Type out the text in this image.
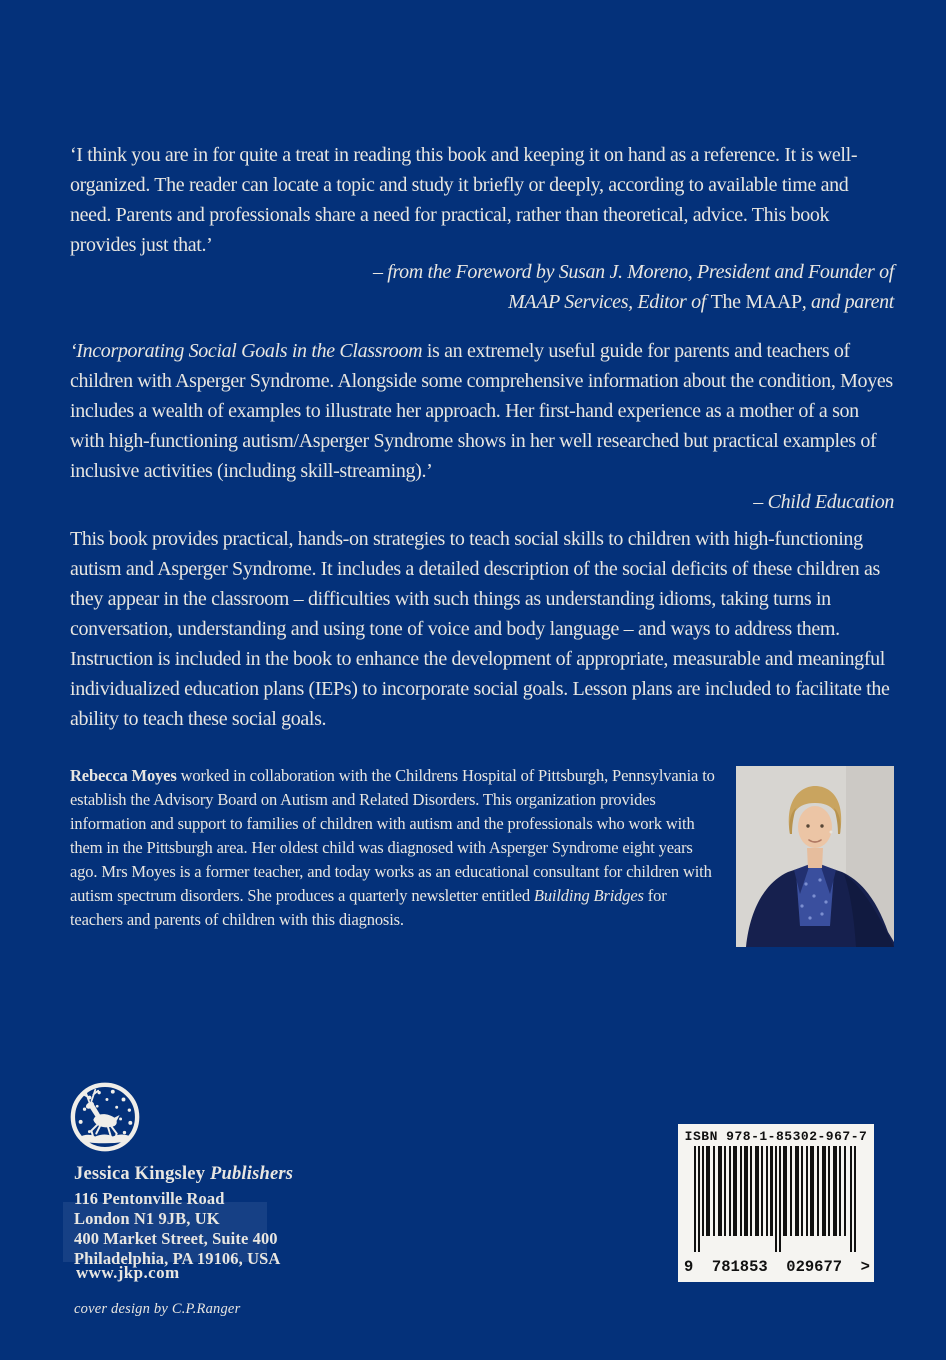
‘I think you are in for quite a treat in reading this book and keeping it on hand as a reference. It is well-organized. The reader can locate a topic and study it briefly or deeply, according to available time and need. Parents and professionals share a need for practical, rather than theoretical, advice. This book provides just that.’

– from the Foreword by Susan J. Moreno, President and Founder of
MAAP Services, Editor of The MAAP, and parent

‘Incorporating Social Goals in the Classroom is an extremely useful guide for parents and teachers of children with Asperger Syndrome. Alongside some comprehensive information about the condition, Moyes includes a wealth of examples to illustrate her approach. Her first-hand experience as a mother of a son with high-functioning autism/Asperger Syndrome shows in her well researched but practical examples of inclusive activities (including skill-streaming).’

– Child Education

This book provides practical, hands-on strategies to teach social skills to children with high-functioning autism and Asperger Syndrome. It includes a detailed description of the social deficits of these children as they appear in the classroom – difficulties with such things as understanding idioms, taking turns in conversation, understanding and using tone of voice and body language – and ways to address them. Instruction is included in the book to enhance the development of appropriate, measurable and meaningful individualized education plans (IEPs) to incorporate social goals. Lesson plans are included to facilitate the ability to teach these social goals.

Rebecca Moyes worked in collaboration with the Childrens Hospital of Pittsburgh, Pennsylvania to establish the Advisory Board on Autism and Related Disorders. This organization provides information and support to families of children with autism and the professionals who work with them in the Pittsburgh area. Her oldest child was diagnosed with Asperger Syndrome eight years ago. Mrs Moyes is a former teacher, and today works as an educational consultant for children with autism spectrum disorders. She produces a quarterly newsletter entitled Building Bridges for teachers and parents of children with this diagnosis.

Jessica Kingsley Publishers
116 Pentonville Road
London N1 9JB, UK
400 Market Street, Suite 400
Philadelphia, PA 19106, USA
www.jkp.com
cover design by C.P.Ranger
ISBN 978-1-85302-967-7
9 781853 029677 >
